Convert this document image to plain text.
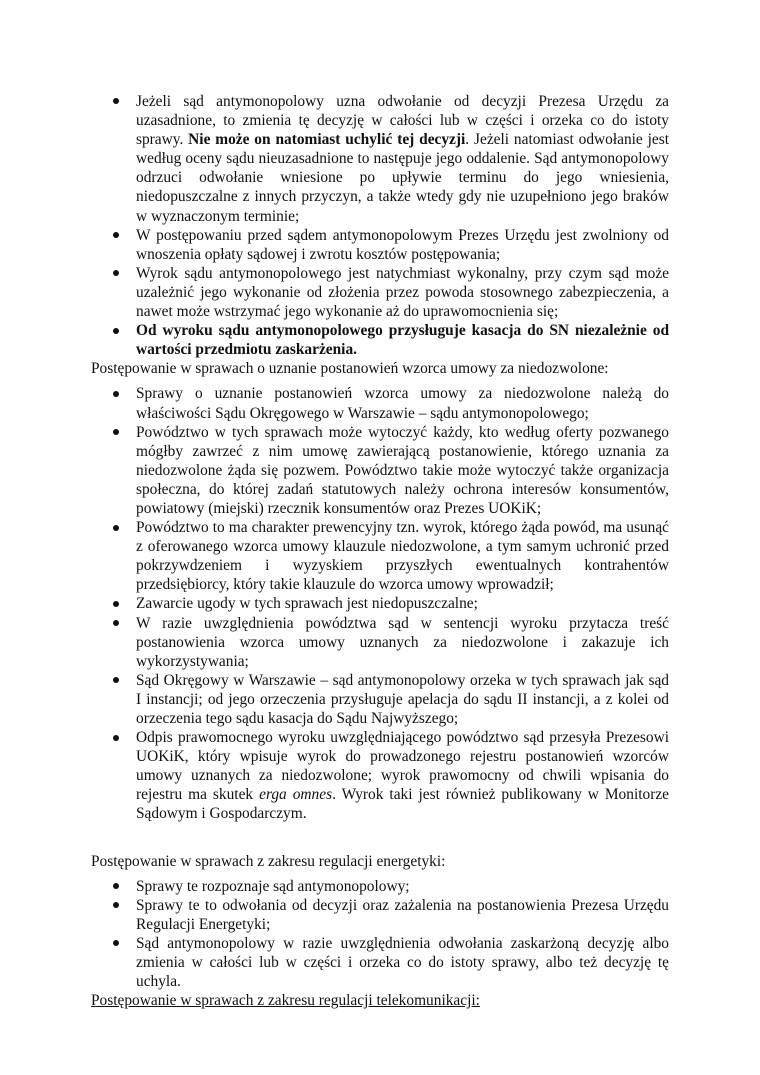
Jeżeli sąd antymonopolowy uzna odwołanie od decyzji Prezesa Urzędu za uzasadnione, to zmienia tę decyzję w całości lub w części i orzeka co do istoty sprawy. Nie może on natomiast uchylić tej decyzji. Jeżeli natomiast odwołanie jest według oceny sądu nieuzasadnione to następuje jego oddalenie. Sąd antymonopolowy odrzuci odwołanie wniesione po upływie terminu do jego wniesienia, niedopuszczalne z innych przyczyn, a także wtedy gdy nie uzupełniono jego braków w wyznaczonym terminie;
W postępowaniu przed sądem antymonopolowym Prezes Urzędu jest zwolniony od wnoszenia opłaty sądowej i zwrotu kosztów postępowania;
Wyrok sądu antymonopolowego jest natychmiast wykonalny, przy czym sąd może uzależnić jego wykonanie od złożenia przez powoda stosownego zabezpieczenia, a nawet może wstrzymać jego wykonanie aż do uprawomocnienia się;
Od wyroku sądu antymonopolowego przysługuje kasacja do SN niezależnie od wartości przedmiotu zaskarżenia.

Postępowanie w sprawach o uznanie postanowień wzorca umowy za niedozwolone:

Sprawy o uznanie postanowień wzorca umowy za niedozwolone należą do właściwości Sądu Okręgowego w Warszawie – sądu antymonopolowego;
Powództwo w tych sprawach może wytoczyć każdy, kto według oferty pozwanego mógłby zawrzeć z nim umowę zawierającą postanowienie, którego uznania za niedozwolone żąda się pozwem. Powództwo takie może wytoczyć także organizacja społeczna, do której zadań statutowych należy ochrona interesów konsumentów, powiatowy (miejski) rzecznik konsumentów oraz Prezes UOKiK;
Powództwo to ma charakter prewencyjny tzn. wyrok, którego żąda powód, ma usunąć z oferowanego wzorca umowy klauzule niedozwolone, a tym samym uchronić przed pokrzywdzeniem i wyzyskiem przyszłych ewentualnych kontrahentów przedsiębiorcy, który takie klauzule do wzorca umowy wprowadził;
Zawarcie ugody w tych sprawach jest niedopuszczalne;
W razie uwzględnienia powództwa sąd w sentencji wyroku przytacza treść postanowienia wzorca umowy uznanych za niedozwolone i zakazuje ich wykorzystywania;
Sąd Okręgowy w Warszawie – sąd antymonopolowy orzeka w tych sprawach jak sąd I instancji; od jego orzeczenia przysługuje apelacja do sądu II instancji, a z kolei od orzeczenia tego sądu kasacja do Sądu Najwyższego;
Odpis prawomocnego wyroku uwzględniającego powództwo sąd przesyła Prezesowi UOKiK, który wpisuje wyrok do prowadzonego rejestru postanowień wzorców umowy uznanych za niedozwolone; wyrok prawomocny od chwili wpisania do rejestru ma skutek erga omnes. Wyrok taki jest również publikowany w Monitorze Sądowym i Gospodarczym.

Postępowanie w sprawach z zakresu regulacji energetyki:

Sprawy te rozpoznaje sąd antymonopolowy;
Sprawy te to odwołania od decyzji oraz zażalenia na postanowienia Prezesa Urzędu Regulacji Energetyki;
Sąd antymonopolowy w razie uwzględnienia odwołania zaskarżoną decyzję albo zmienia w całości lub w części i orzeka co do istoty sprawy, albo też decyzję tę uchyla.

Postępowanie w sprawach z zakresu regulacji telekomunikacji:
